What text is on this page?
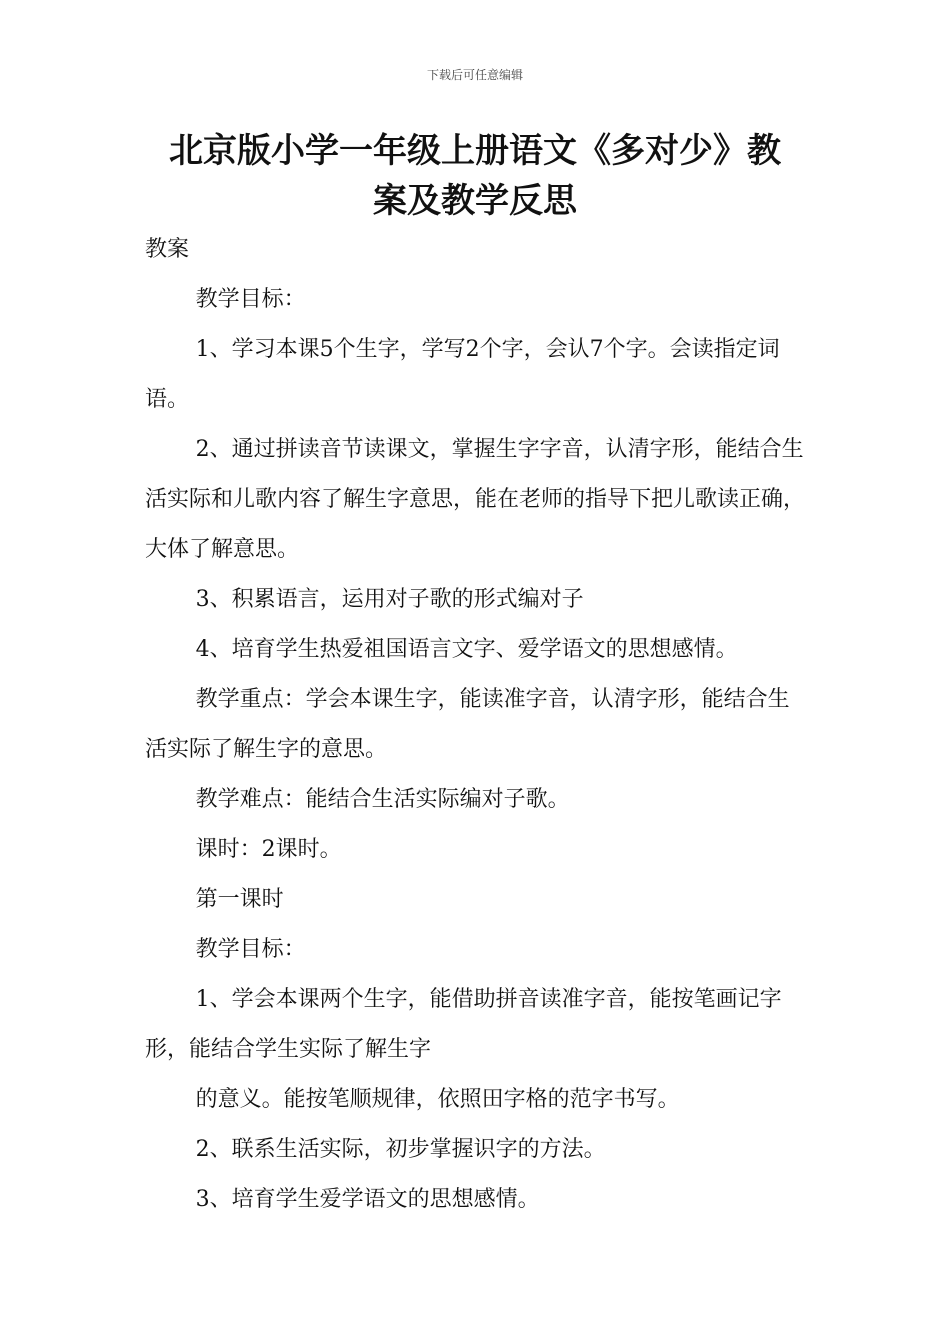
下载后可任意编辑
北京版小学一年级上册语文《多对少》教
案及教学反思

教案

教学目标：

1、学习本课5个生字，学写2个字，会认7个字。会读指定词语。

2、通过拼读音节读课文，掌握生字字音，认清字形，能结合生活实际和儿歌内容了解生字意思，能在老师的指导下把儿歌读正确，大体了解意思。

3、积累语言，运用对子歌的形式编对子

4、培育学生热爱祖国语言文字、爱学语文的思想感情。

教学重点：学会本课生字，能读准字音，认清字形，能结合生活实际了解生字的意思。

教学难点：能结合生活实际编对子歌。

课时：2课时。

第一课时

教学目标：

1、学会本课两个生字，能借助拼音读准字音，能按笔画记字形，能结合学生实际了解生字

的意义。能按笔顺规律，依照田字格的范字书写。

2、联系生活实际，初步掌握识字的方法。

3、培育学生爱学语文的思想感情。
